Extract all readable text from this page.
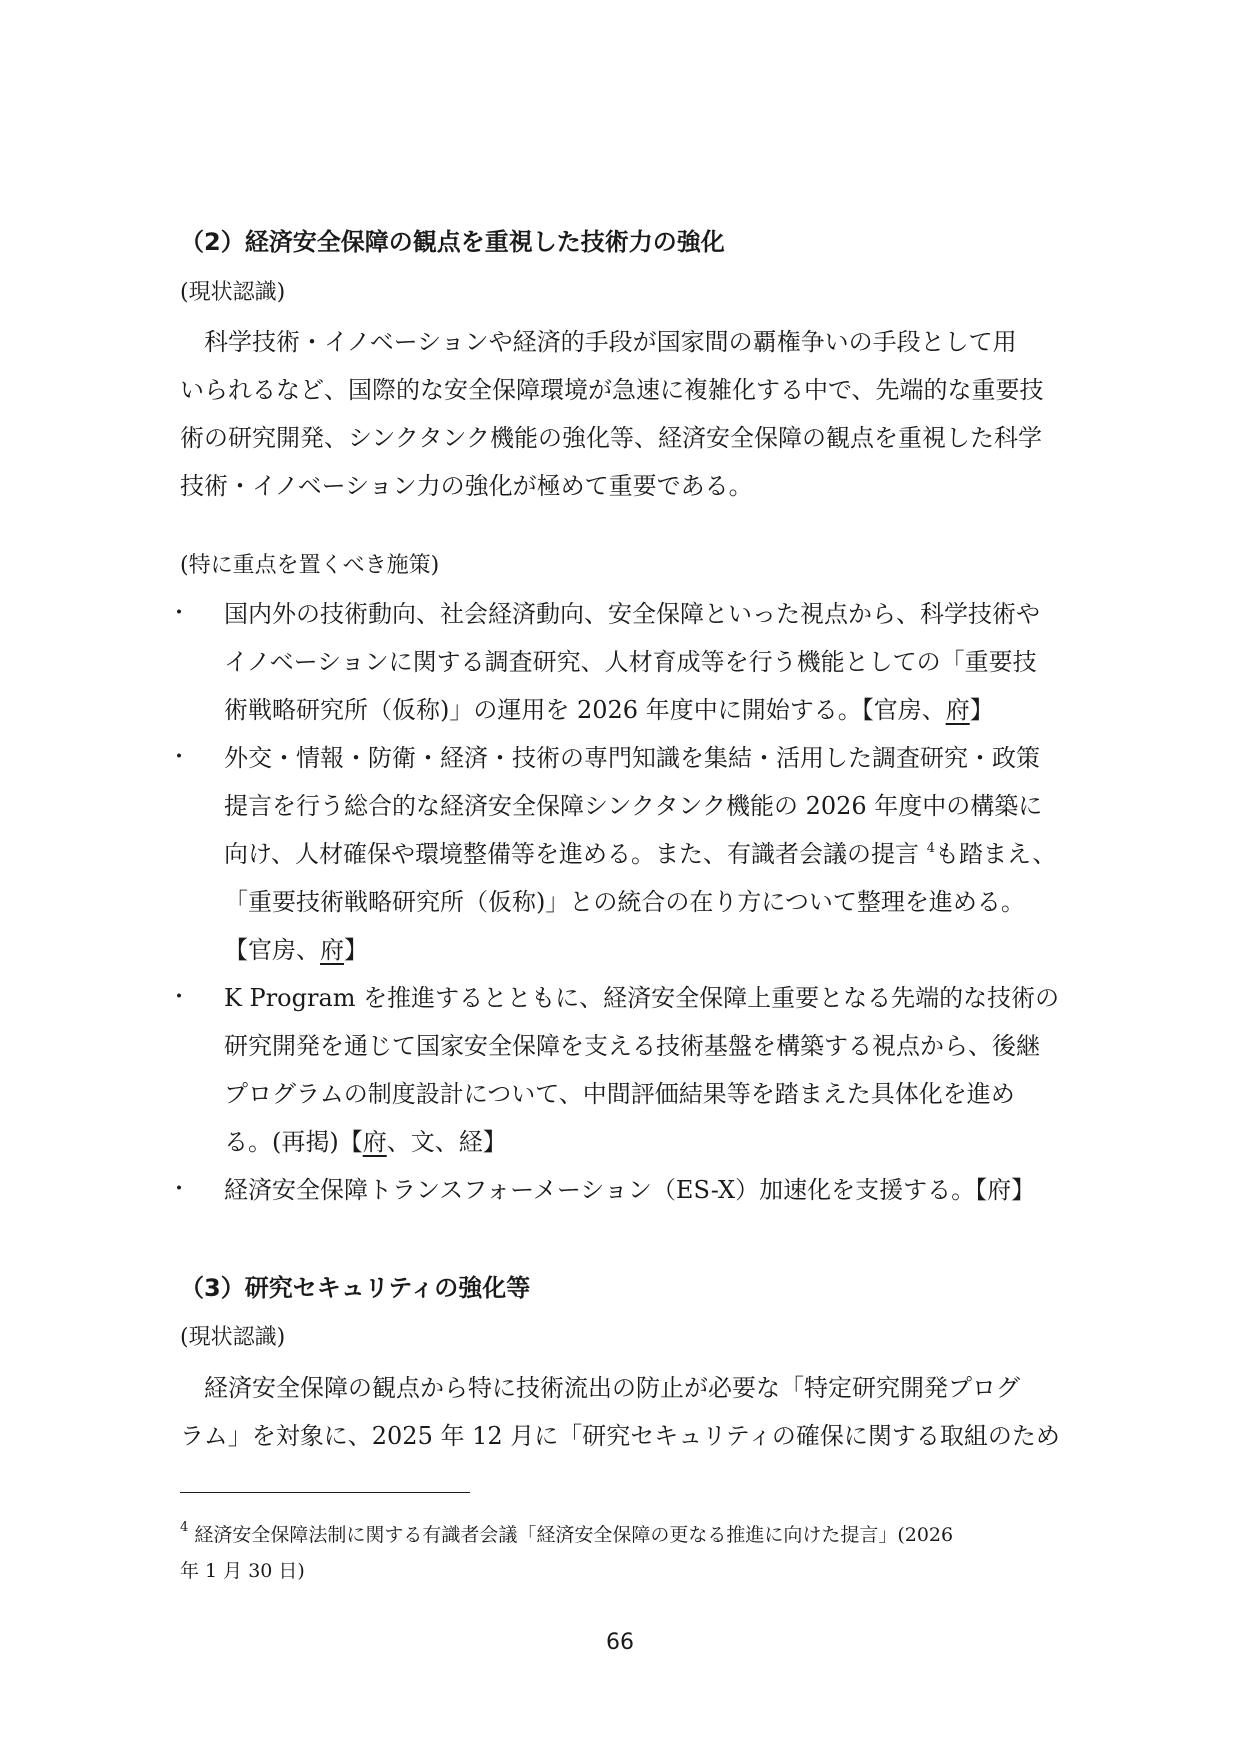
（2）経済安全保障の観点を重視した技術力の強化
(現状認識)
　科学技術・イノベーションや経済的手段が国家間の覇権争いの手段として用
いられるなど、国際的な安全保障環境が急速に複雑化する中で、先端的な重要技
術の研究開発、シンクタンク機能の強化等、経済安全保障の観点を重視した科学
技術・イノベーション力の強化が極めて重要である。
(特に重点を置くべき施策)
・ 国内外の技術動向、社会経済動向、安全保障といった視点から、科学技術や
イノベーションに関する調査研究、人材育成等を行う機能としての「重要技
術戦略研究所（仮称)」の運用を 2026 年度中に開始する。【官房、府】
・ 外交・情報・防衛・経済・技術の専門知識を集結・活用した調査研究・政策
提言を行う総合的な経済安全保障シンクタンク機能の 2026 年度中の構築に
向け、人材確保や環境整備等を進める。また、有識者会議の提言 $^4$も踏まえ、
「重要技術戦略研究所（仮称)」との統合の在り方について整理を進める。
【官房、府】
・ K Program を推進するとともに、経済安全保障上重要となる先端的な技術の
研究開発を通じて国家安全保障を支える技術基盤を構築する視点から、後継
プログラムの制度設計について、中間評価結果等を踏まえた具体化を進め
る。(再掲)【府、文、経】
・ 経済安全保障トランスフォーメーション（ES-X）加速化を支援する。【府】
（3）研究セキュリティの強化等
(現状認識)
　経済安全保障の観点から特に技術流出の防止が必要な「特定研究開発プログ
ラム」を対象に、2025 年 12 月に「研究セキュリティの確保に関する取組のため
$^4$ 経済安全保障法制に関する有識者会議「経済安全保障の更なる推進に向けた提言」(2026
年 1 月 30 日)
66
